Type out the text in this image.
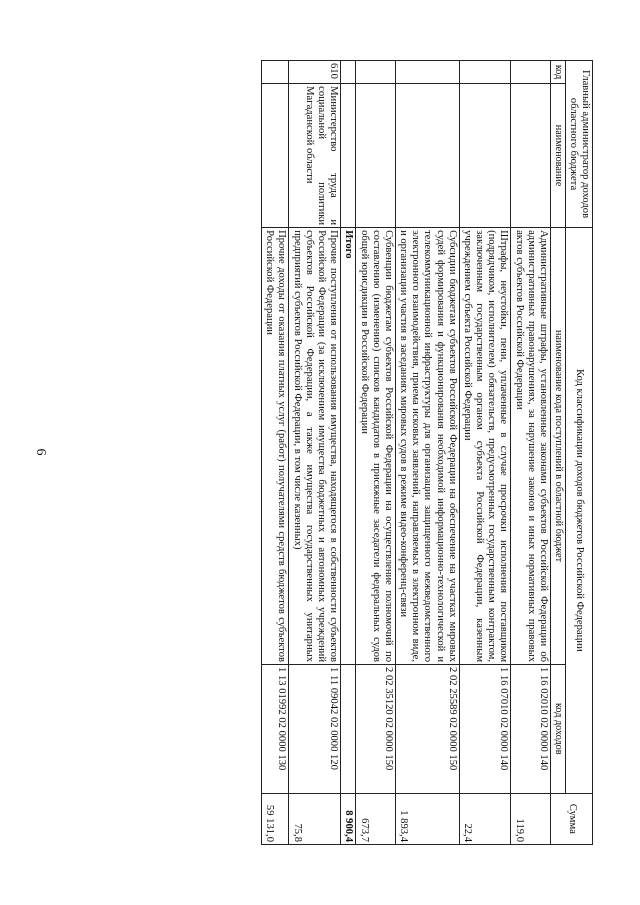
6
Главный администратор доходов областного бюджета		Код классификации доходов бюджетов Российской Федерации		Сумма
код	наименование	наименование кода поступлений в областной бюджет	код доходов	
		Административные штрафы, установленные законами субъектов Российской Федерации об административных правонарушениях, за нарушение законов и иных нормативных правовых актов субъектов Российской Федерации	1 16 02010 02 0000 140	119,0
		Штрафы, неустойки, пени, уплаченные в случае просрочки исполнения поставщиком (подрядчиком, исполнителем) обязательств, предусмотренных государственным контрактом, заключенным государственным органом субъекта Российской Федерации, казенным учреждением субъекта Российской Федерации	1 16 07010 02 0000 140	22,4
		Субсидии бюджетам субъектов Российской Федерации на обеспечение на участках мировых судей формирования и функционирования необходимой информационно-технологической и телекоммуникационной инфраструктуры для организации защищенного межведомственного электронного взаимодействия, приема исковых заявлений, направляемых в электронном виде, и организации участия в заседаниях мировых судов в режиме видео-конференц-связи	2 02 25589 02 0000 150	1 893,4
		Субвенции бюджетам субъектов Российской Федерации на осуществление полномочий по составлению (изменению) списков кандидатов в присяжные заседатели федеральных судов общей юрисдикции в Российской Федерации	2 02 35120 02 0000 150	673,7
		Итого		8 900,4
610	Министерство труда и социальной политики Магаданской области	Прочие поступления от использования имущества, находящегося в собственности субъектов Российской Федерации (за исключением имущества бюджетных и автономных учреждений субъектов Российской Федерации, а также имущества государственных унитарных предприятий субъектов Российской Федерации, в том числе казенных)	1 11 09042 02 0000 120	75,8
		Прочие доходы от оказания платных услуг (работ) получателями средств бюджетов субъектов Российской Федерации	1 13 01992 02 0000 130	59 131,0
